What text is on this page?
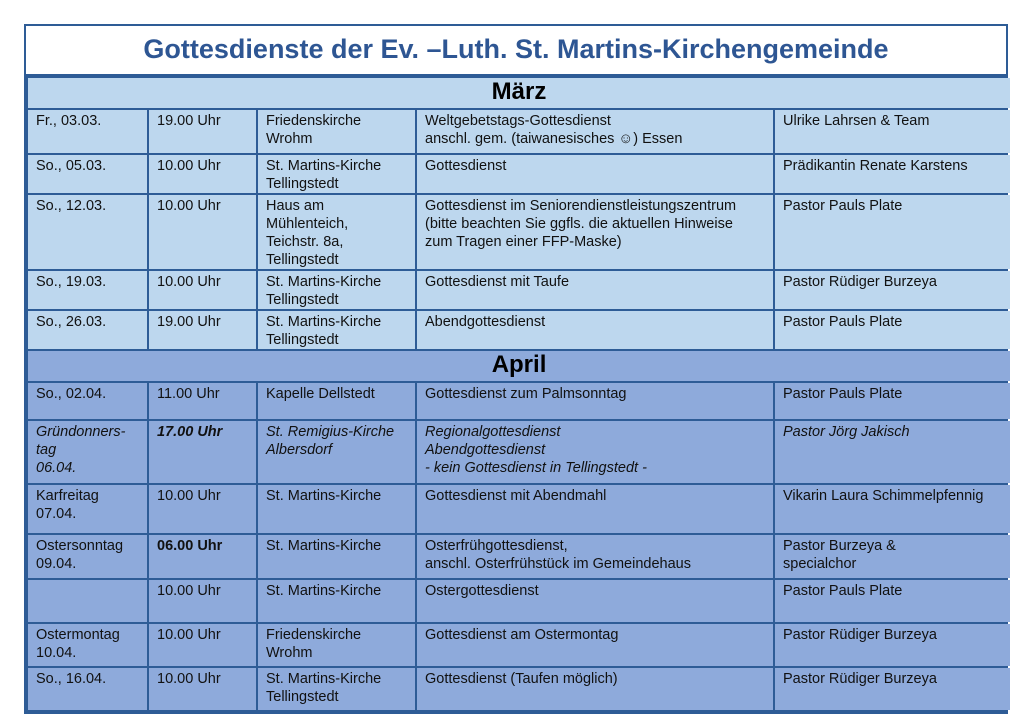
Gottesdienste der Ev. –Luth. St. Martins-Kirchengemeinde
März				

Fr., 03.03.	19.00 Uhr	Friedenskirche
Wrohm	Weltgebetstags-Gottesdienst
anschl. gem. (taiwanesisches ☺) Essen	Ulrike Lahrsen & Team

So., 05.03.	10.00 Uhr	St. Martins-Kirche
Tellingstedt	Gottesdienst	Prädikantin Renate Karstens

So., 12.03.	10.00 Uhr	Haus am
Mühlenteich,
Teichstr. 8a,
Tellingstedt	Gottesdienst im Seniorendienstleistungszentrum
(bitte beachten Sie ggfls. die aktuellen Hinweise
zum Tragen einer FFP-Maske)	Pastor Pauls Plate

So., 19.03.	10.00 Uhr	St. Martins-Kirche
Tellingstedt	Gottesdienst mit Taufe	Pastor Rüdiger Burzeya

So., 26.03.	19.00 Uhr	St. Martins-Kirche
Tellingstedt	Abendgottesdienst	Pastor Pauls Plate

April				

So., 02.04.	11.00 Uhr	Kapelle Dellstedt	Gottesdienst zum Palmsonntag	Pastor Pauls Plate

Gründonners-
tag
06.04.	17.00 Uhr	St. Remigius-Kirche
Albersdorf	Regionalgottesdienst
Abendgottesdienst
- kein Gottesdienst in Tellingstedt -	Pastor Jörg Jakisch

Karfreitag
07.04.	10.00 Uhr	St. Martins-Kirche	Gottesdienst mit Abendmahl	Vikarin Laura Schimmelpfennig

Ostersonntag
09.04.	06.00 Uhr	St. Martins-Kirche	Osterfrühgottesdienst,
anschl. Osterfrühstück im Gemeindehaus	Pastor Burzeya &
specialchor

	10.00 Uhr	St. Martins-Kirche	Ostergottesdienst	Pastor Pauls Plate

Ostermontag
10.04.	10.00 Uhr	Friedenskirche
Wrohm	Gottesdienst am Ostermontag	Pastor Rüdiger Burzeya

So., 16.04.	10.00 Uhr	St. Martins-Kirche
Tellingstedt	Gottesdienst (Taufen möglich)	Pastor Rüdiger Burzeya
